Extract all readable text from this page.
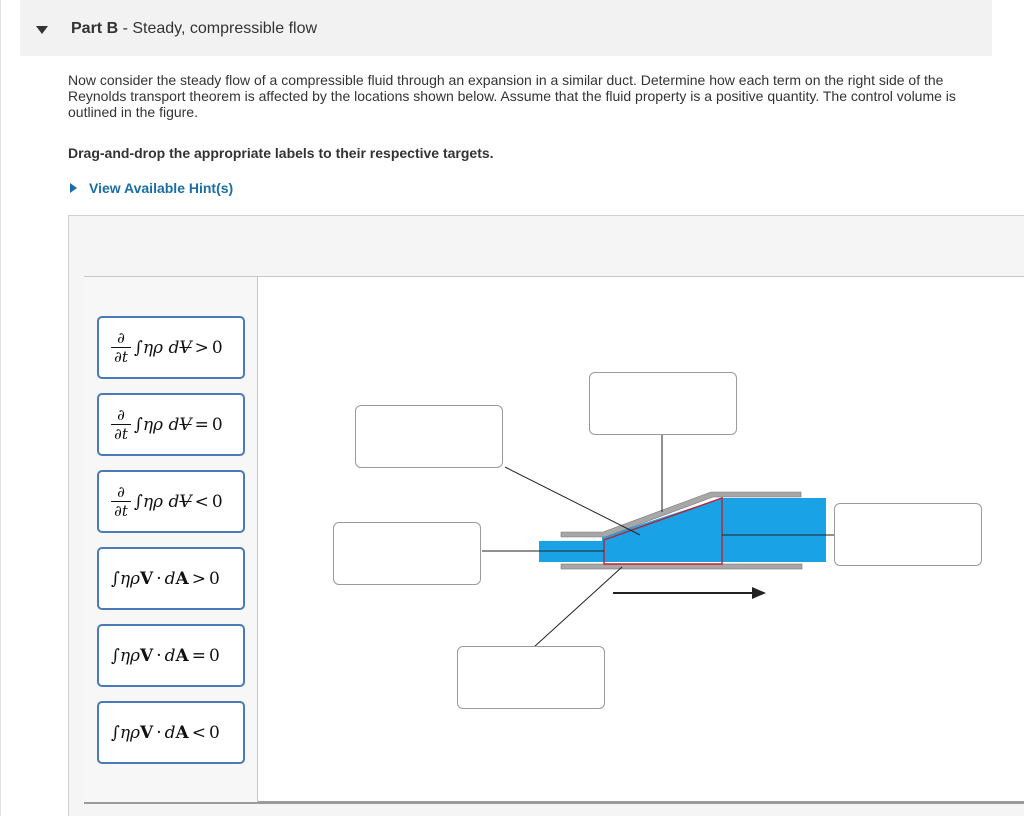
Part B - Steady, compressible flow
Now consider the steady flow of a compressible fluid through an expansion in a similar duct. Determine how each term on the right side of the Reynolds transport theorem is affected by the locations shown below. Assume that the fluid property is a positive quantity. The control volume is outlined in the figure.
Drag-and-drop the appropriate labels to their respective targets.
View Available Hint(s)
$\frac{\partial}{\partial t} \int\eta\rho$ dV > 0
$\frac{\partial}{\partial t} \int\eta\rho$ dV = 0
$\frac{\partial}{\partial t} \int\eta\rho$ dV < 0
∫ηρV · dA > 0
∫ηρV · dA = 0
∫ηρV · dA < 0
